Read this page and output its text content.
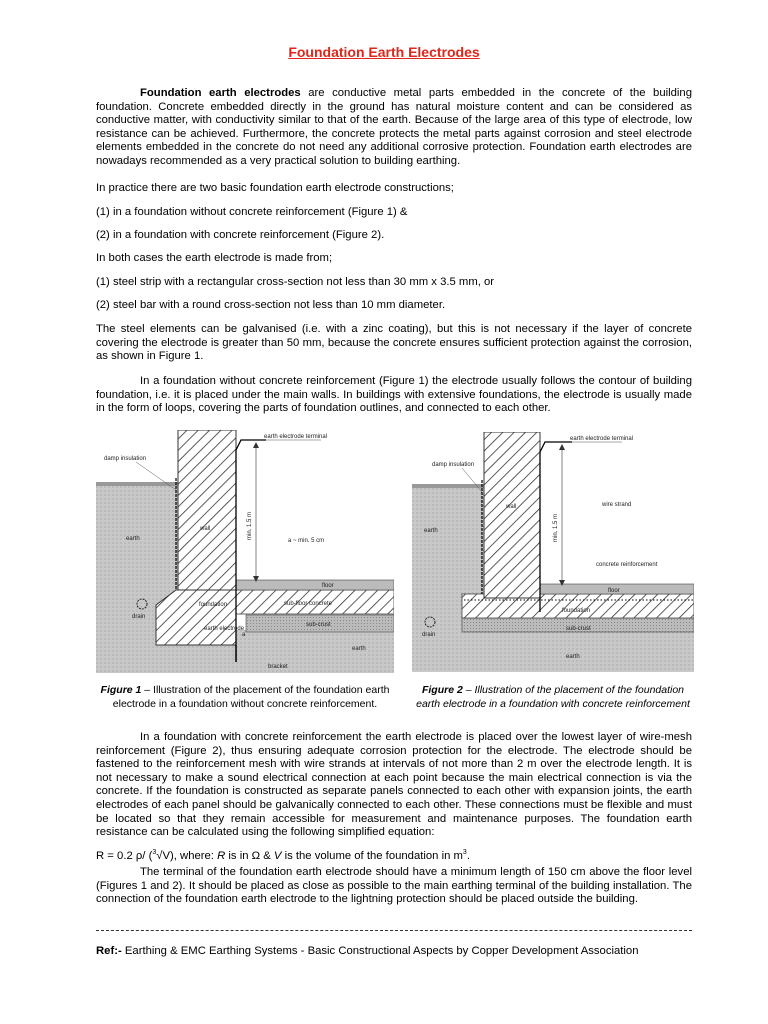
Foundation Earth Electrodes

Foundation earth electrodes are conductive metal parts embedded in the concrete of the building foundation. Concrete embedded directly in the ground has natural moisture content and can be considered as conductive matter, with conductivity similar to that of the earth. Because of the large area of this type of electrode, low resistance can be achieved. Furthermore, the concrete protects the metal parts against corrosion and steel electrode elements embedded in the concrete do not need any additional corrosive protection. Foundation earth electrodes are nowadays recommended as a very practical solution to building earthing.

In practice there are two basic foundation earth electrode constructions;

(1) in a foundation without concrete reinforcement (Figure 1) &

(2) in a foundation with concrete reinforcement (Figure 2).

In both cases the earth electrode is made from;

(1) steel strip with a rectangular cross-section not less than 30 mm x 3.5 mm, or

(2) steel bar with a round cross-section not less than 10 mm diameter.

The steel elements can be galvanised (i.e. with a zinc coating), but this is not necessary if the layer of concrete covering the electrode is greater than 50 mm, because the concrete ensures sufficient protection against the corrosion, as shown in Figure 1.

In a foundation without concrete reinforcement (Figure 1) the electrode usually follows the contour of building foundation, i.e. it is placed under the main walls. In buildings with extensive foundations, the electrode is usually made in the form of loops, covering the parts of foundation outlines, and connected to each other.

earth electrode terminal
damp insulation
wall
earth	min. 1.5 m
a ~ min. 5 cm
floor
foundation	sub-floor concrete
drain
earth electrode
sub-crust
earth
bracket
a
Figure 1 – Illustration of the placement of the foundation earth electrode in a foundation without concrete reinforcement.
earth electrode terminal
damp insulation
wall
earth	min. 1.5 m
wire strand
concrete reinforcement
floor
foundation
drain
sub-crust
earth
Figure 2 – Illustration of the placement of the foundation earth electrode in a foundation with concrete reinforcement

In a foundation with concrete reinforcement the earth electrode is placed over the lowest layer of wire-mesh reinforcement (Figure 2), thus ensuring adequate corrosion protection for the electrode. The electrode should be fastened to the reinforcement mesh with wire strands at intervals of not more than 2 m over the electrode length. It is not necessary to make a sound electrical connection at each point because the main electrical connection is via the concrete. If the foundation is constructed as separate panels connected to each other with expansion joints, the earth electrodes of each panel should be galvanically connected to each other. These connections must be flexible and must be located so that they remain accessible for measurement and maintenance purposes. The foundation earth resistance can be calculated using the following simplified equation:

R = 0.2 ρ/ ($^3$√V), where: R is in Ω & V is the volume of the foundation in $m^3$.

The terminal of the foundation earth electrode should have a minimum length of 150 cm above the floor level (Figures 1 and 2). It should be placed as close as possible to the main earthing terminal of the building installation. The connection of the foundation earth electrode to the lightning protection should be placed outside the building.

Ref:- Earthing & EMC Earthing Systems - Basic Constructional Aspects by Copper Development Association
